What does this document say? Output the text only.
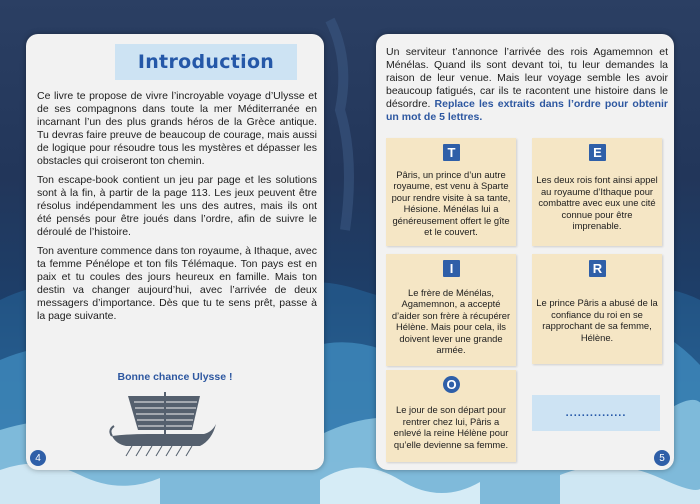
Introduction

Ce livre te propose de vivre l’incroyable voyage d’Ulysse et de ses compagnons dans toute la mer Méditerranée en incarnant l’un des plus grands héros de la Grèce antique. Tu devras faire preuve de beaucoup de courage, mais aussi de logique pour résoudre tous les mystères et dépasser les obstacles qui croiseront ton chemin.

Ton escape-book contient un jeu par page et les solutions sont à la fin, à partir de la page 113. Les jeux peuvent être résolus indépendamment les uns des autres, mais ils ont été pensés pour être joués dans l’ordre, afin de suivre le déroulé de l’histoire.

Ton aventure commence dans ton royaume, à Ithaque, avec ta femme Pénélope et ton fils Télémaque. Ton pays est en paix et tu coules des jours heureux en famille. Mais ton destin va changer aujourd’hui, avec l’arrivée de deux messagers d’importance. Dès que tu te sens prêt, passe à la page suivante.

Bonne chance Ulysse !
4
Un serviteur t’annonce l’arrivée des rois Agamemnon et Ménélas. Quand ils sont devant toi, tu leur demandes la raison de leur venue. Mais leur voyage semble les avoir beaucoup fatigués, car ils te racontent une histoire dans le désordre. Replace les extraits dans l’ordre pour obtenir un mot de 5 lettres.
T
Pâris, un prince d’un autre royaume, est venu à Sparte pour rendre visite à sa tante, Hésione. Ménélas lui a généreusement offert le gîte et le couvert.
E
Les deux rois font ainsi appel au royaume d’Ithaque pour combattre avec eux une cité connue pour être imprenable.
I
Le frère de Ménélas, Agamemnon, a accepté d’aider son frère à récupérer Hélène. Mais pour cela, ils doivent lever une grande armée.
R
Le prince Pâris a abusé de la confiance du roi en se rapprochant de sa femme, Hélène.
O
Le jour de son départ pour rentrer chez lui, Pâris a enlevé la reine Hélène pour qu’elle devienne sa femme.
...............
5
